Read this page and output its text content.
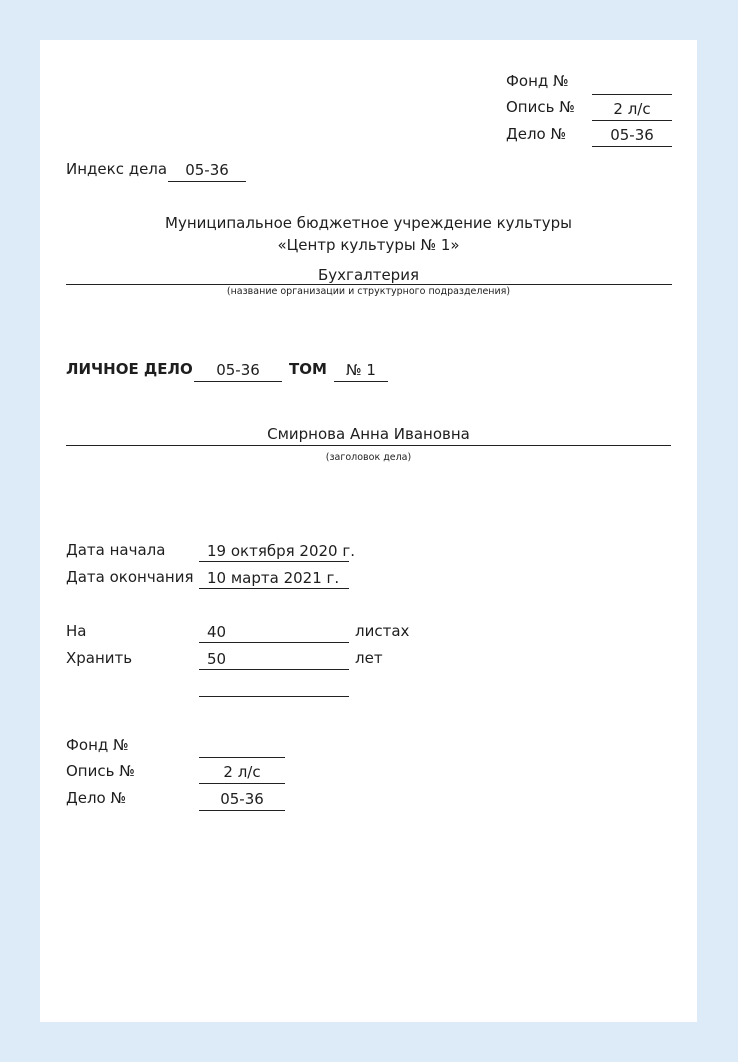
Фонд №
Опись №	2 л/с
Дело №	05-36
Индекс дела	05-36
Муниципальное бюджетное учреждение культуры
«Центр культуры № 1»
Бухгалтерия
(название организации и структурного подразделения)
ЛИЧНОЕ ДЕЛО	05-36	ТОМ	№ 1
Смирнова Анна Ивановна
(заголовок дела)
Дата начала	19 октября 2020 г.
Дата окончания 10 марта 2021 г.
На	40	листах
Хранить	50	лет
Фонд №
Опись №	2 л/с
Дело №	05-36
